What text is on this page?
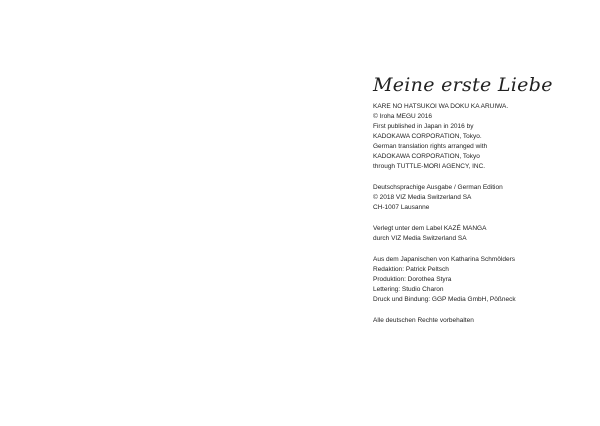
Meine erste Liebe
KARE NO HATSUKOI WA DOKU KA ARUIWA.
© Iroha MEGU 2016
First published in Japan in 2016 by
KADOKAWA CORPORATION, Tokyo.
German translation rights arranged with
KADOKAWA CORPORATION, Tokyo
through TUTTLE-MORI AGENCY, INC.
Deutschsprachige Ausgabe / German Edition
© 2018 VIZ Media Switzerland SA
CH-1007 Lausanne
Verlegt unter dem Label KAZÉ MANGA
durch VIZ Media Switzerland SA
Aus dem Japanischen von Katharina Schmölders
Redaktion: Patrick Peltsch
Produktion: Dorothea Styra
Lettering: Studio Charon
Druck und Bindung: GGP Media GmbH, Pößneck
Alle deutschen Rechte vorbehalten
